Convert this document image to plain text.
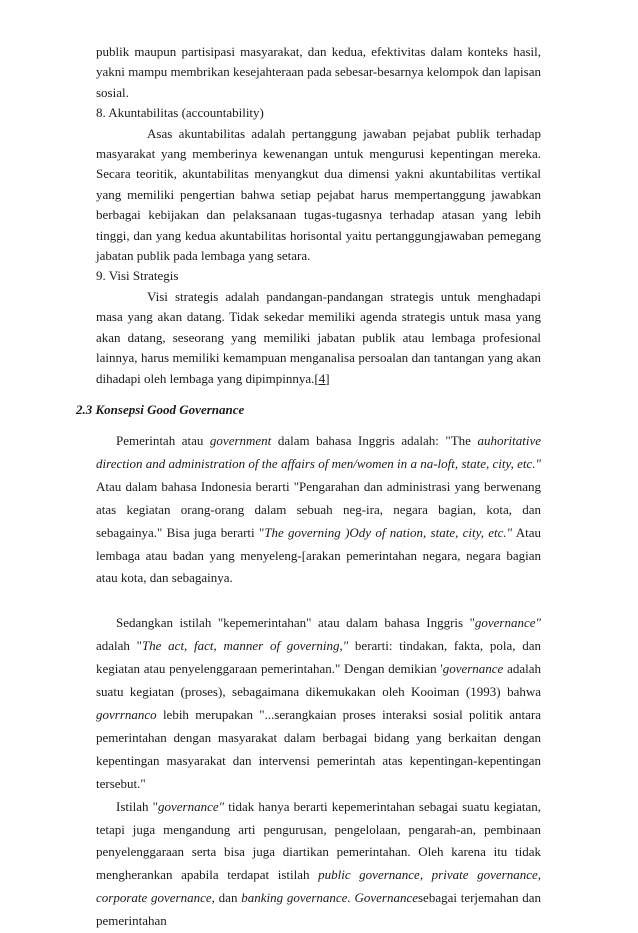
publik maupun partisipasi masyarakat, dan kedua, efektivitas dalam konteks hasil, yakni mampu membrikan kesejahteraan pada sebesar-besarnya kelompok dan lapisan sosial.

8. Akuntabilitas (accountability)

Asas akuntabilitas adalah pertanggung jawaban pejabat publik terhadap masyarakat yang memberinya kewenangan untuk mengurusi kepentingan mereka. Secara teoritik, akuntabilitas menyangkut dua dimensi yakni akuntabilitas vertikal yang memiliki pengertian bahwa setiap pejabat harus mempertanggung jawabkan berbagai kebijakan dan pelaksanaan tugas-tugasnya terhadap atasan yang lebih tinggi, dan yang kedua akuntabilitas horisontal yaitu pertanggungjawaban pemegang jabatan publik pada lembaga yang setara.

9. Visi Strategis

Visi strategis adalah pandangan-pandangan strategis untuk menghadapi masa yang akan datang. Tidak sekedar memiliki agenda strategis untuk masa yang akan datang, seseorang yang memiliki jabatan publik atau lembaga profesional lainnya, harus memiliki kemampuan menganalisa persoalan dan tantangan yang akan dihadapi oleh lembaga yang dipimpinnya.[4]

2.3 Konsepsi Good Governance

Pemerintah atau government dalam bahasa Inggris adalah: "The auhoritative direction and administration of the affairs of men/women in a na-loft, state, city, etc." Atau dalam bahasa Indonesia berarti "Pengarahan dan administrasi yang berwenang atas kegiatan orang-orang dalam sebuah neg-ira, negara bagian, kota, dan sebagainya." Bisa juga berarti "The governing )Ody of nation, state, city, etc." Atau lembaga atau badan yang menyeleng-[arakan pemerintahan negara, negara bagian atau kota, dan sebagainya.

Sedangkan istilah "kepemerintahan" atau dalam bahasa Inggris "governance" adalah "The act, fact, manner of governing," berarti: tindakan, fakta, pola, dan kegiatan atau penyelenggaraan pemerintahan." Dengan demikian 'governance adalah suatu kegiatan (proses), sebagaimana dikemukakan oleh Kooiman (1993) bahwa govrrnanco lebih merupakan "...serangkaian proses interaksi sosial politik antara pemerintahan dengan masyarakat dalam berbagai bidang yang berkaitan dengan kepentingan masyarakat dan intervensi pemerintah atas kepentingan-kepentingan tersebut."

Istilah "governance" tidak hanya berarti kepemerintahan sebagai suatu kegiatan, tetapi juga mengandung arti pengurusan, pengelolaan, pengarah-an, pembinaan penyelenggaraan serta bisa juga diartikan pemerintahan. Oleh karena itu tidak mengherankan apabila terdapat istilah public governance, private governance, corporate governance, dan banking governance. Governancesebagai terjemahan dan pemerintahan
